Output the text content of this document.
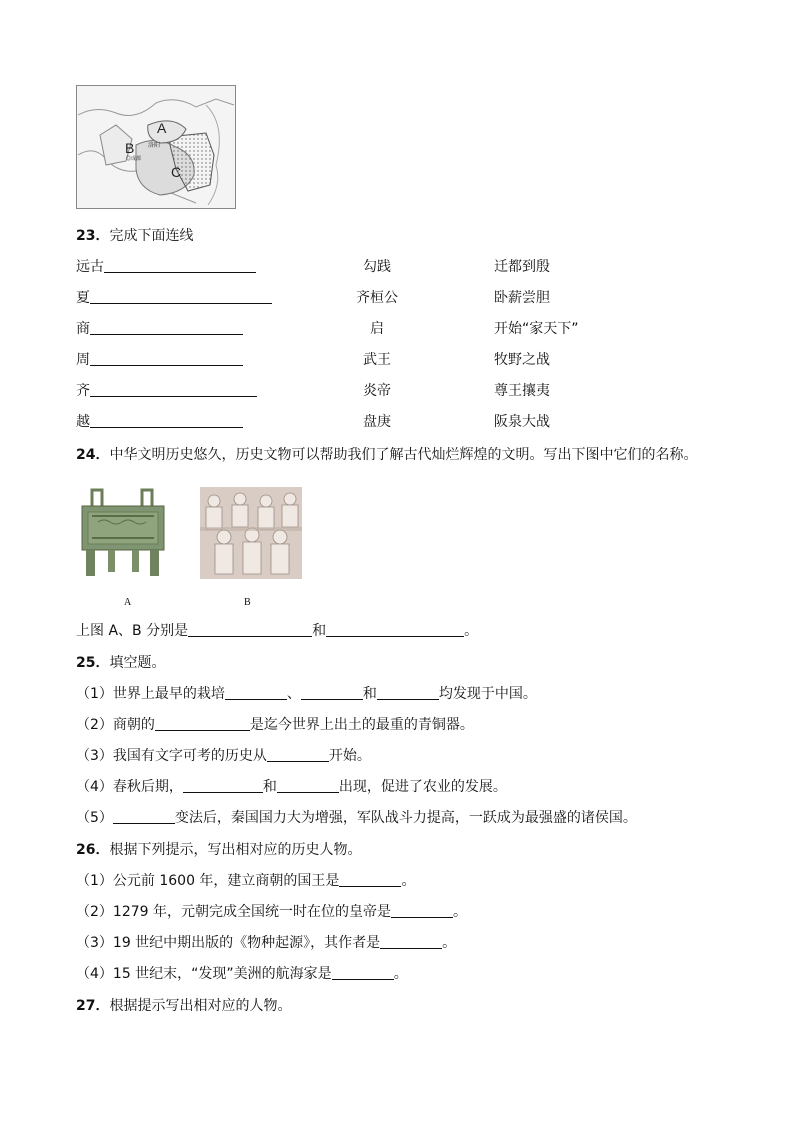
A
B
C
洛阳
◎成都
23．完成下面连线
远古	勾践	迁都到殷
夏	齐桓公	卧薪尝胆
商	启	开始“家天下”
周	武王	牧野之战
齐	炎帝	尊王攘夷
越	盘庚	阪泉大战
24．中华文明历史悠久，历史文物可以帮助我们了解古代灿烂辉煌的文明。写出下图中它们的名称。
A	B
上图 A、B 分别是	和	。
25．填空题。
（1）世界上最早的栽培	、	和	均发现于中国。
（2）商朝的	是迄今世界上出土的最重的青铜器。
（3）我国有文字可考的历史从	开始。
（4）春秋后期，	和	出现，促进了农业的发展。
（5）	变法后，秦国国力大为增强，军队战斗力提高，一跃成为最强盛的诸侯国。
26．根据下列提示，写出相对应的历史人物。
（1）公元前 1600 年，建立商朝的国王是	。
（2）1279 年，元朝完成全国统一时在位的皇帝是	。
（3）19 世纪中期出版的《物种起源》，其作者是	。
（4）15 世纪末，“发现”美洲的航海家是	。
27．根据提示写出相对应的人物。
